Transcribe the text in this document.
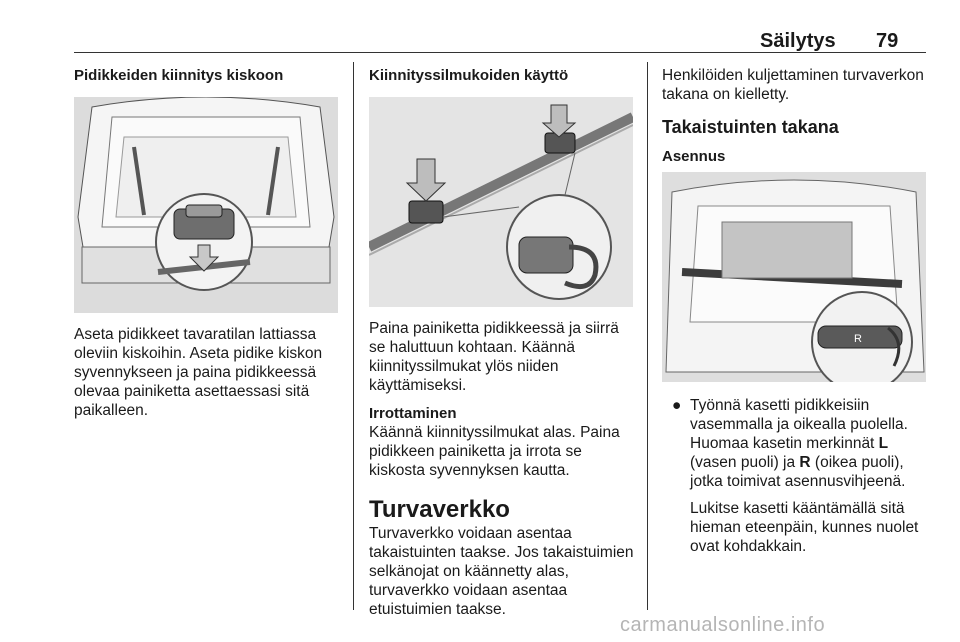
Säilytys 79

Pidikkeiden kiinnitys kiskoon

Aseta pidikkeet tavaratilan lattiassa oleviin kiskoihin. Aseta pidike kiskon syvennykseen ja paina pidikkeessä olevaa painiketta asettaessasi sitä paikalleen.

Kiinnityssilmukoiden käyttö

Paina painiketta pidikkeessä ja siirrä se haluttuun kohtaan. Käännä kiinnityssilmukat ylös niiden käyttämiseksi.

Irrottaminen

Käännä kiinnityssilmukat alas. Paina pidikkeen painiketta ja irrota se kiskosta syvennyksen kautta.

Turvaverkko

Turvaverkko voidaan asentaa takaistuinten taakse. Jos takaistuimien selkänojat on käännetty alas, turvaverkko voidaan asentaa etuistuimien taakse.

Henkilöiden kuljettaminen turvaverkon takana on kielletty.

Takaistuinten takana

Asennus

R
● Työnnä kasetti pidikkeisiin vasemmalla ja oikealla puolella. Huomaa kasetin merkinnät L (vasen puoli) ja R (oikea puoli), jotka toimivat asennusvihjeenä.

Lukitse kasetti kääntämällä sitä hieman eteenpäin, kunnes nuolet ovat kohdakkain.

carmanualsonline.info
